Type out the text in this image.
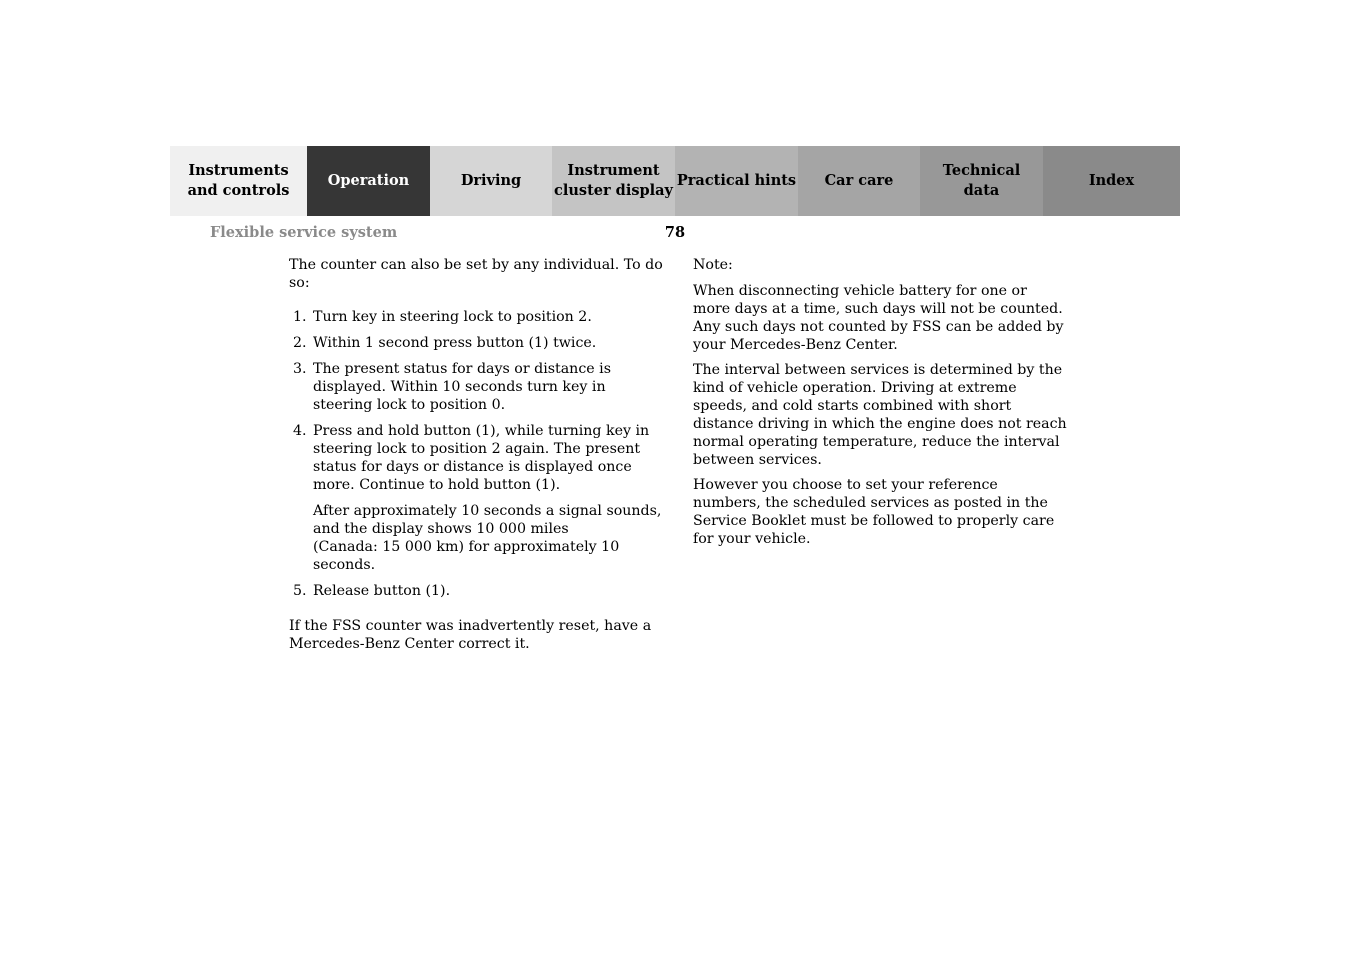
Instruments
and controls
Operation	Driving
Instrument
cluster display
Practical hints Car care
Technical
data
Index
Flexible service system	78

The counter can also be set by any individual. To do so:

1. Turn key in steering lock to position 2.

2. Within 1 second press button (1) twice.

3. The present status for days or distance is displayed. Within 10 seconds turn key in steering lock to position 0.

4. Press and hold button (1), while turning key in steering lock to position 2 again. The present status for days or distance is displayed once more. Continue to hold button (1).

After approximately 10 seconds a signal sounds, and the display shows 10 000 miles
(Canada: 15 000 km) for approximately 10 seconds.

5. Release button (1).

If the FSS counter was inadvertently reset, have a Mercedes-Benz Center correct it.

Note:

When disconnecting vehicle battery for one or more days at a time, such days will not be counted. Any such days not counted by FSS can be added by your Mercedes-Benz Center.

The interval between services is determined by the kind of vehicle operation. Driving at extreme speeds, and cold starts combined with short distance driving in which the engine does not reach normal operating temperature, reduce the interval between services.

However you choose to set your reference numbers, the scheduled services as posted in the Service Booklet must be followed to properly care for your vehicle.
